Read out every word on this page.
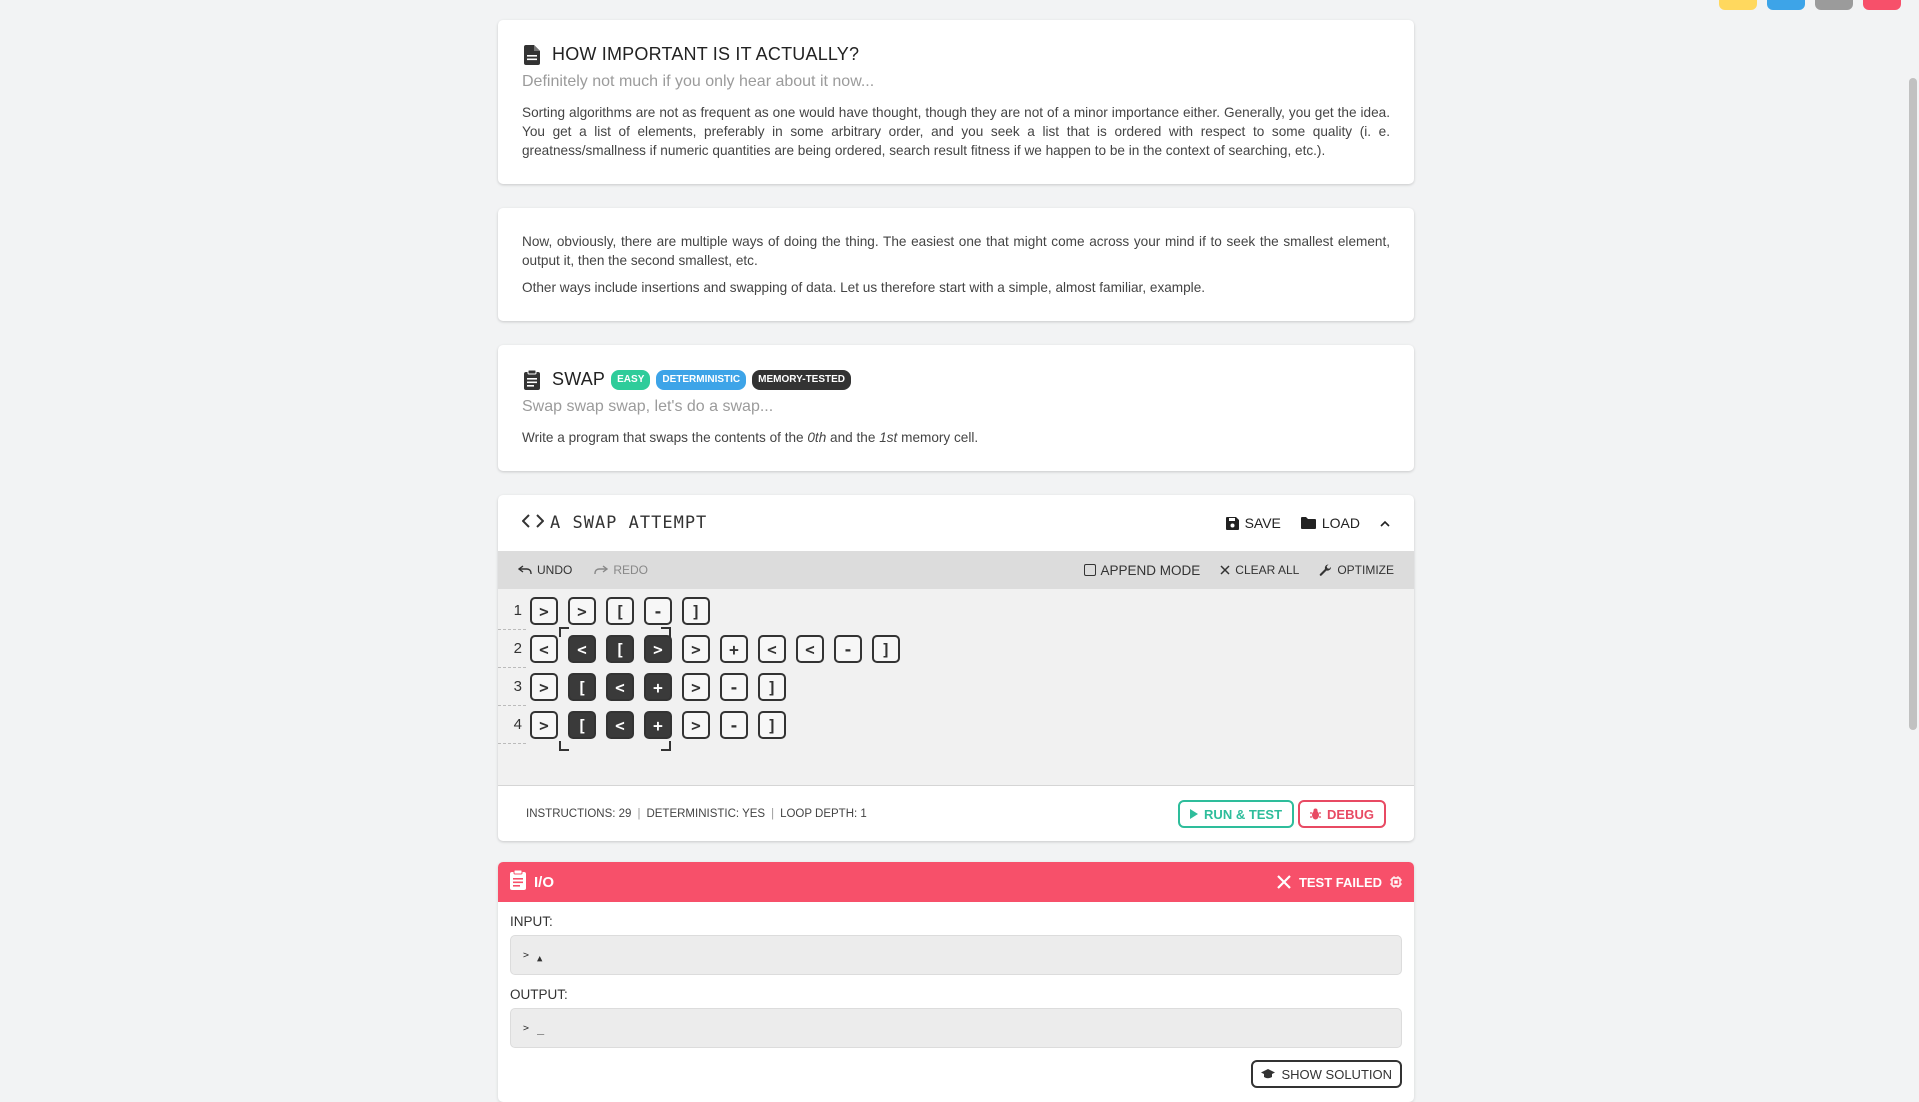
HOW IMPORTANT IS IT ACTUALLY?
Definitely not much if you only hear about it now...

Sorting algorithms are not as frequent as one would have thought, though they are not of a minor importance either. Generally, you get the idea. You get a list of elements, preferably in some arbitrary order, and you seek a list that is ordered with respect to some quality (i. e. greatness/smallness if numeric quantities are being ordered, search result fitness if we happen to be in the context of searching, etc.).

Now, obviously, there are multiple ways of doing the thing. The easiest one that might come across your mind if to seek the smallest element, output it, then the second smallest, etc.

Other ways include insertions and swapping of data. Let us therefore start with a simple, almost familiar, example.

SWAP	EASY	DETERMINISTIC	MEMORY-TESTED
Swap swap swap, let's do a swap...

Write a program that swaps the contents of the 0th and the 1st memory cell.

A SWAP ATTEMPT	SAVE	LOAD
UNDO	REDO	APPEND MODE	CLEAR ALL	OPTIMIZE
1	>	>	[	-	]
2	<	<	[	>	>	+	<	<	-	]
3	>	[	<	+	>	-	]
4	>	[	<	+	>	-	]
INSTRUCTIONS: 29 | DETERMINISTIC: YES | LOOP DEPTH: 1	RUN & TEST	DEBUG
I/O	TEST FAILED
INPUT:
> ▲
OUTPUT:
> _
SHOW SOLUTION
